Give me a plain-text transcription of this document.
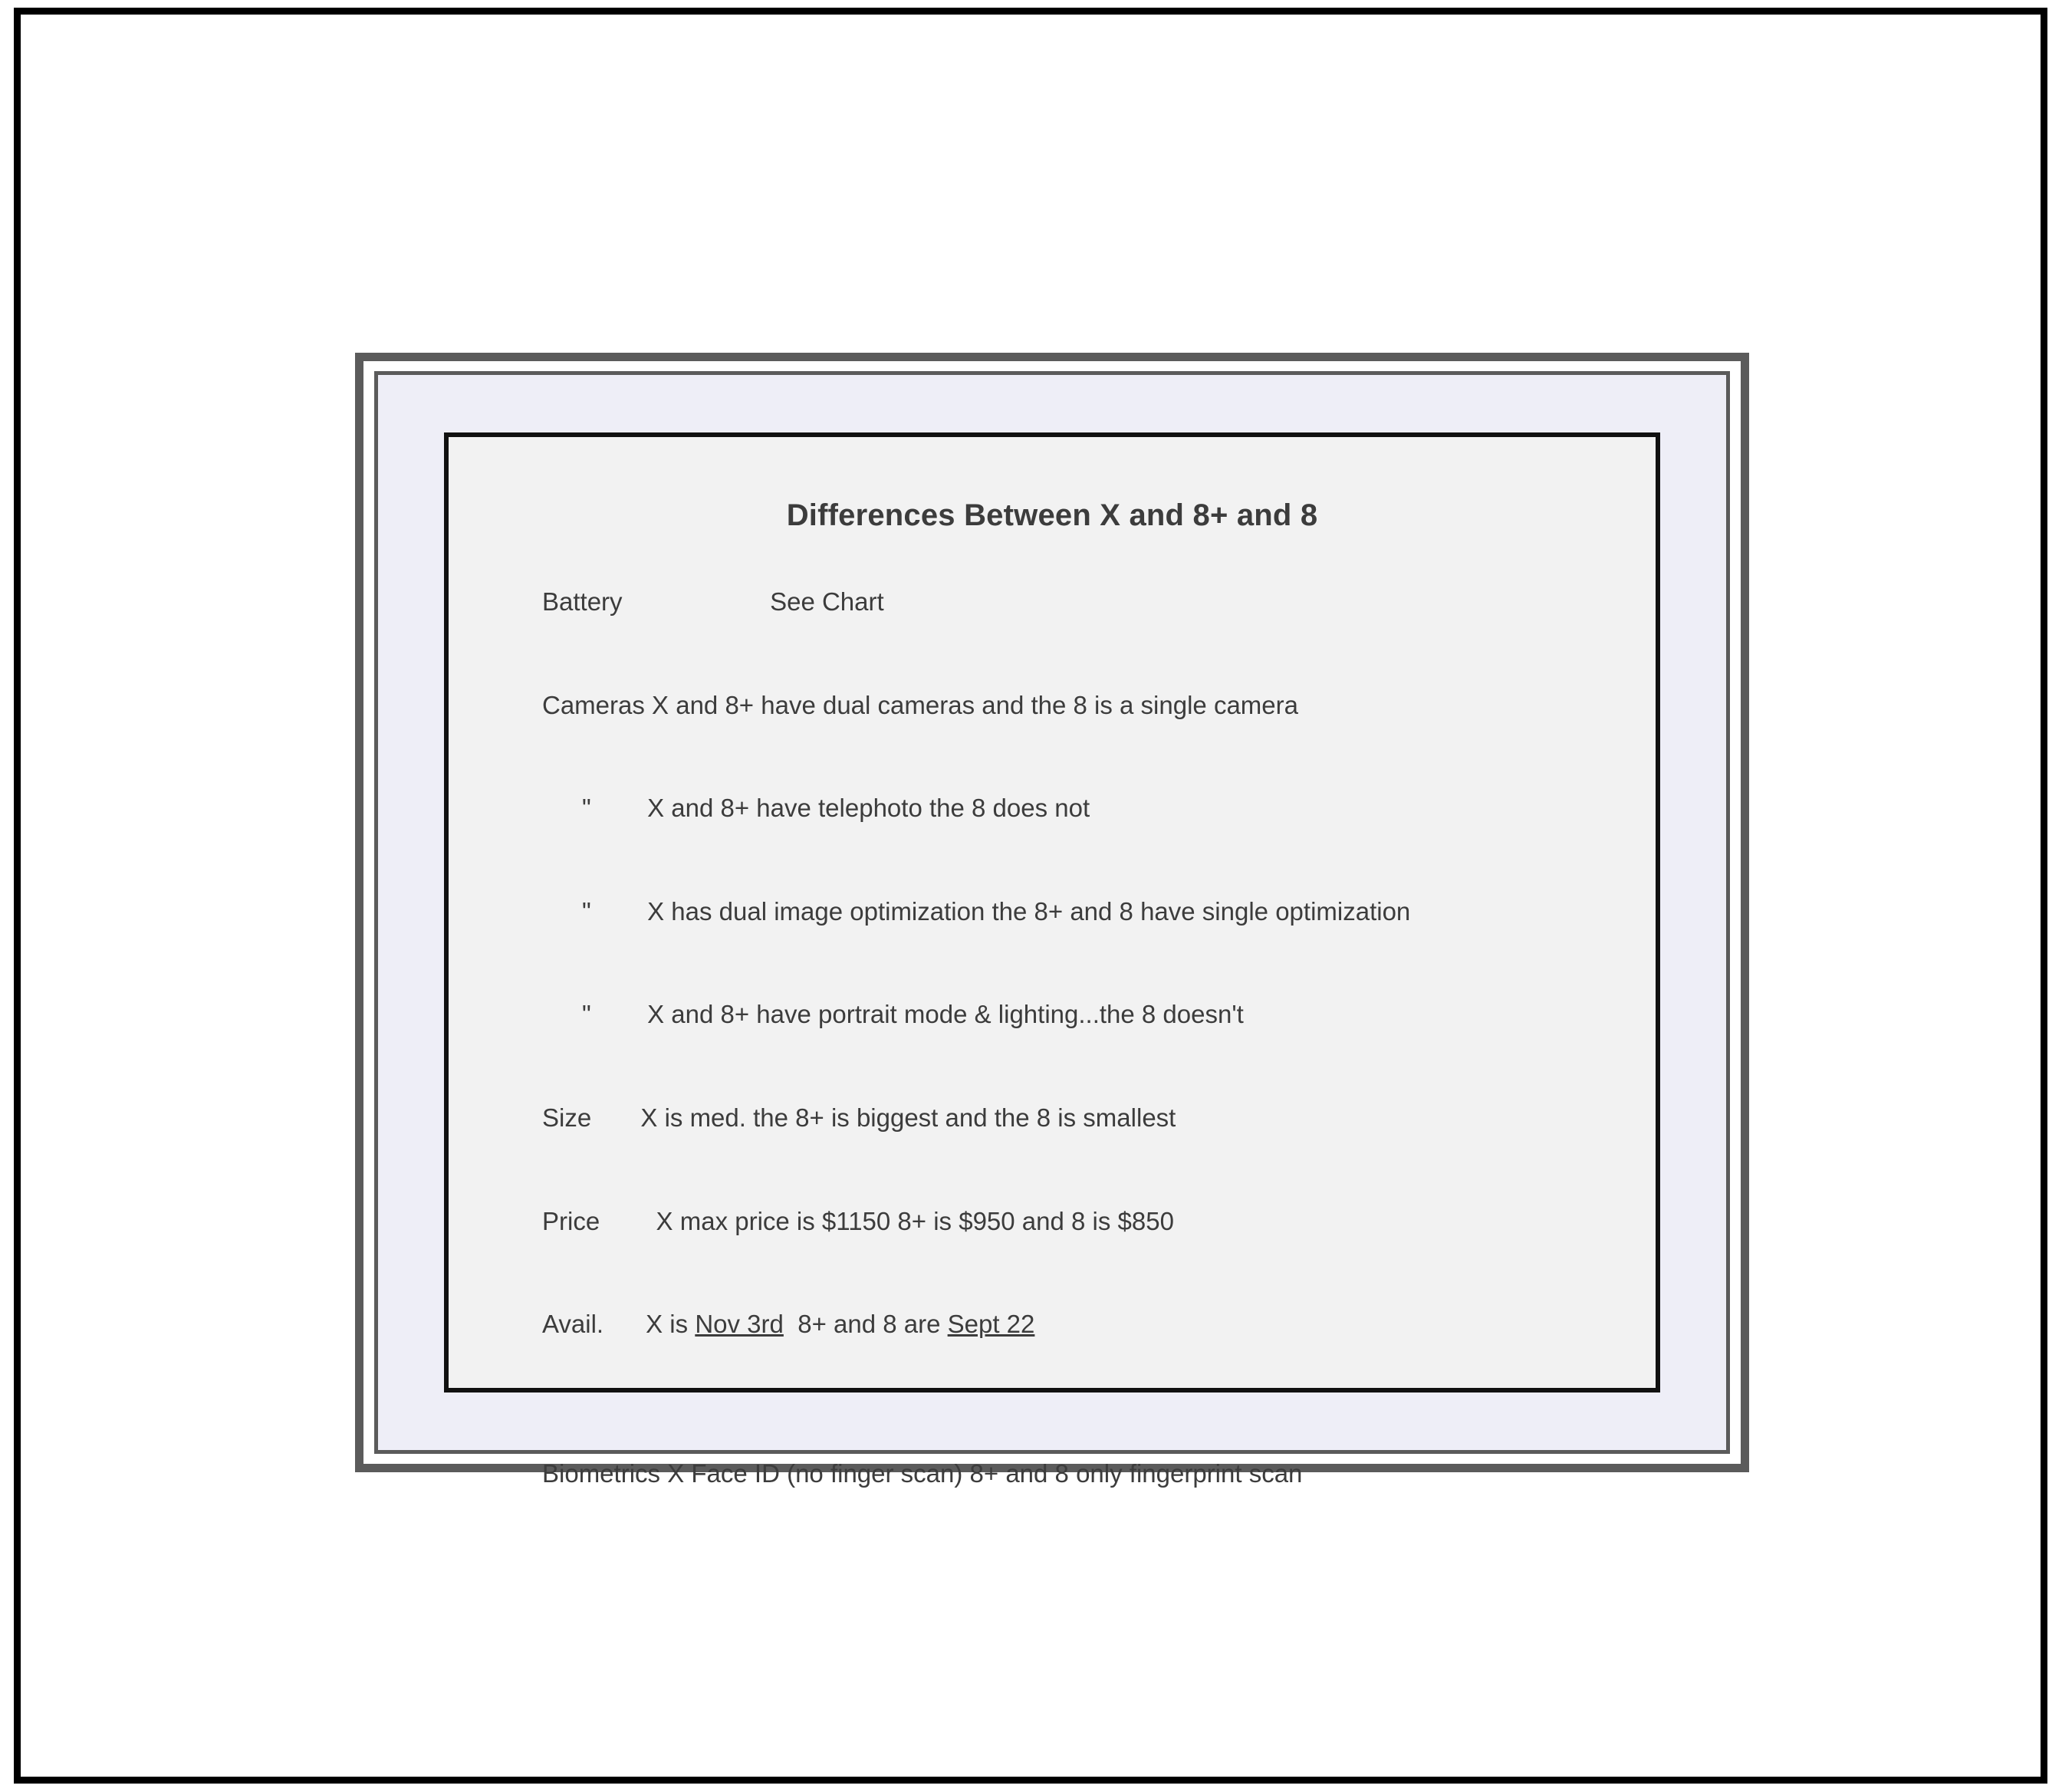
Differences Between X and 8+ and 8
Battery	See Chart
Cameras X and 8+ have dual cameras and the 8 is a single camera
" X and 8+ have telephoto the 8 does not
" X has dual image optimization the 8+ and 8 have single optimization
" X and 8+ have portrait mode & lighting...the 8 doesn't
Size X is med. the 8+ is biggest and the 8 is smallest
Price X max price is $1150 8+ is $950 and 8 is $850
Avail. X is Nov 3rd  8+ and 8 are Sept 22
Biometrics X Face ID (no finger scan) 8+ and 8 only fingerprint scan
